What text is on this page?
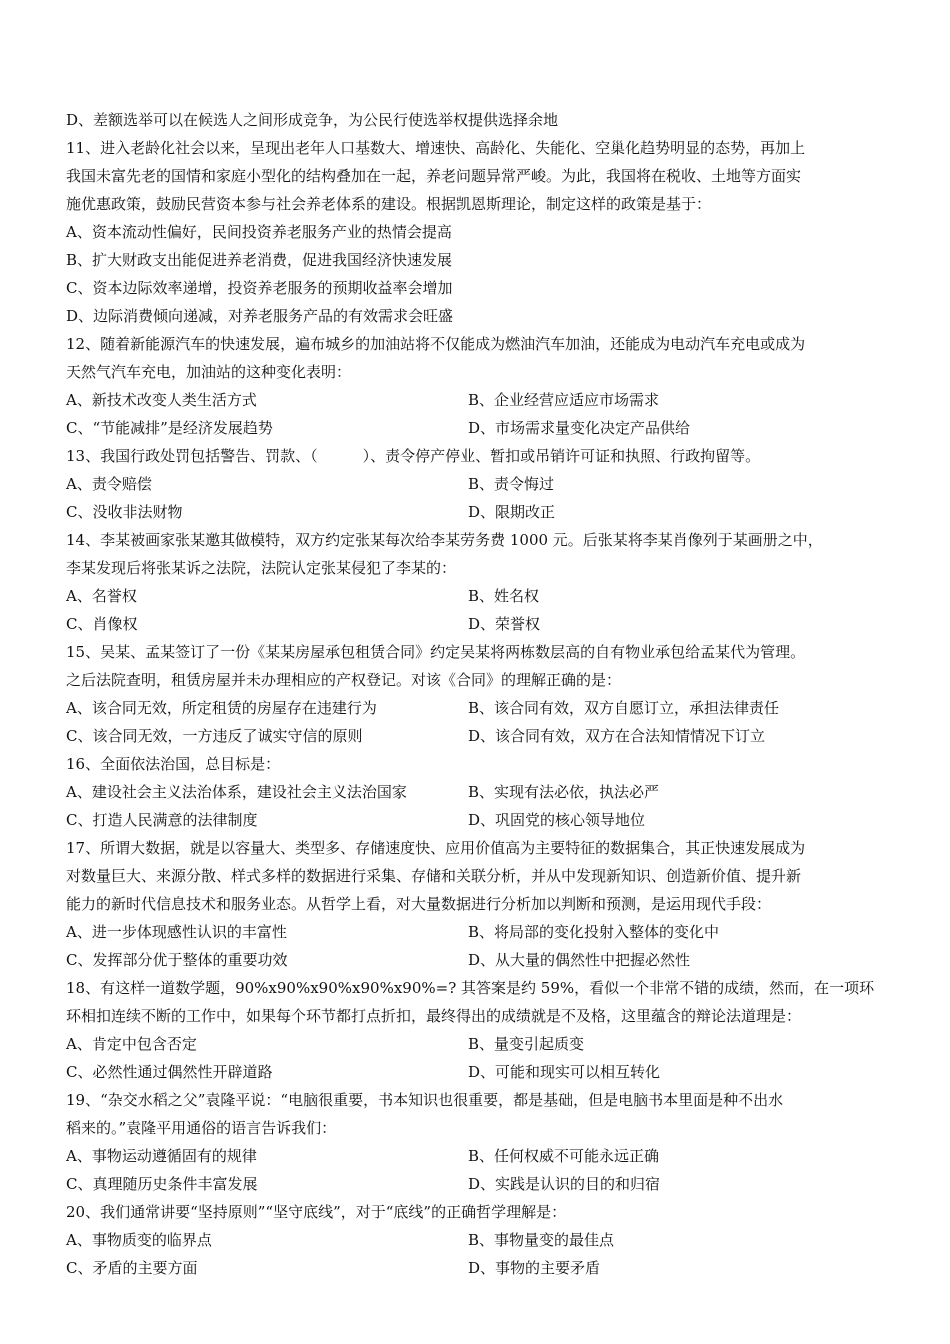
D、差额选举可以在候选人之间形成竞争，为公民行使选举权提供选择余地
11、进入老龄化社会以来，呈现出老年人口基数大、增速快、高龄化、失能化、空巢化趋势明显的态势，再加上
我国未富先老的国情和家庭小型化的结构叠加在一起，养老问题异常严峻。为此，我国将在税收、土地等方面实
施优惠政策，鼓励民营资本参与社会养老体系的建设。根据凯恩斯理论，制定这样的政策是基于：
A、资本流动性偏好，民间投资养老服务产业的热情会提高
B、扩大财政支出能促进养老消费，促进我国经济快速发展
C、资本边际效率递增，投资养老服务的预期收益率会增加
D、边际消费倾向递减，对养老服务产品的有效需求会旺盛
12、随着新能源汽车的快速发展，遍布城乡的加油站将不仅能成为燃油汽车加油，还能成为电动汽车充电或成为
天然气汽车充电，加油站的这种变化表明：
A、新技术改变人类生活方式	B、企业经营应适应市场需求
C、“节能减排”是经济发展趋势	D、市场需求量变化决定产品供给
13、我国行政处罚包括警告、罚款、（　　　）、责令停产停业、暂扣或吊销许可证和执照、行政拘留等。
A、责令赔偿	B、责令悔过
C、没收非法财物	D、限期改正
14、李某被画家张某邀其做模特，双方约定张某每次给李某劳务费 1000 元。后张某将李某肖像列于某画册之中，
李某发现后将张某诉之法院，法院认定张某侵犯了李某的：
A、名誉权	B、姓名权
C、肖像权	D、荣誉权
15、吴某、孟某签订了一份《某某房屋承包租赁合同》约定吴某将两栋数层高的自有物业承包给孟某代为管理。
之后法院查明，租赁房屋并未办理相应的产权登记。对该《合同》的理解正确的是：
A、该合同无效，所定租赁的房屋存在违建行为	B、该合同有效，双方自愿订立，承担法律责任
C、该合同无效，一方违反了诚实守信的原则	D、该合同有效，双方在合法知情情况下订立
16、全面依法治国，总目标是：
A、建设社会主义法治体系，建设社会主义法治国家	B、实现有法必依，执法必严
C、打造人民满意的法律制度	D、巩固党的核心领导地位
17、所谓大数据，就是以容量大、类型多、存储速度快、应用价值高为主要特征的数据集合，其正快速发展成为
对数量巨大、来源分散、样式多样的数据进行采集、存储和关联分析，并从中发现新知识、创造新价值、提升新
能力的新时代信息技术和服务业态。从哲学上看，对大量数据进行分析加以判断和预测，是运用现代手段：
A、进一步体现感性认识的丰富性	B、将局部的变化投射入整体的变化中
C、发挥部分优于整体的重要功效	D、从大量的偶然性中把握必然性
18、有这样一道数学题，90%x90%x90%x90%x90%=? 其答案是约 59%，看似一个非常不错的成绩，然而，在一项环
环相扣连续不断的工作中，如果每个环节都打点折扣，最终得出的成绩就是不及格，这里蕴含的辩论法道理是：
A、肯定中包含否定	B、量变引起质变
C、必然性通过偶然性开辟道路	D、可能和现实可以相互转化
19、“杂交水稻之父”袁隆平说：“电脑很重要，书本知识也很重要，都是基础，但是电脑书本里面是种不出水
稻来的。”袁隆平用通俗的语言告诉我们：
A、事物运动遵循固有的规律	B、任何权威不可能永远正确
C、真理随历史条件丰富发展	D、实践是认识的目的和归宿
20、我们通常讲要“坚持原则”“坚守底线”，对于“底线”的正确哲学理解是：
A、事物质变的临界点	B、事物量变的最佳点
C、矛盾的主要方面	D、事物的主要矛盾
